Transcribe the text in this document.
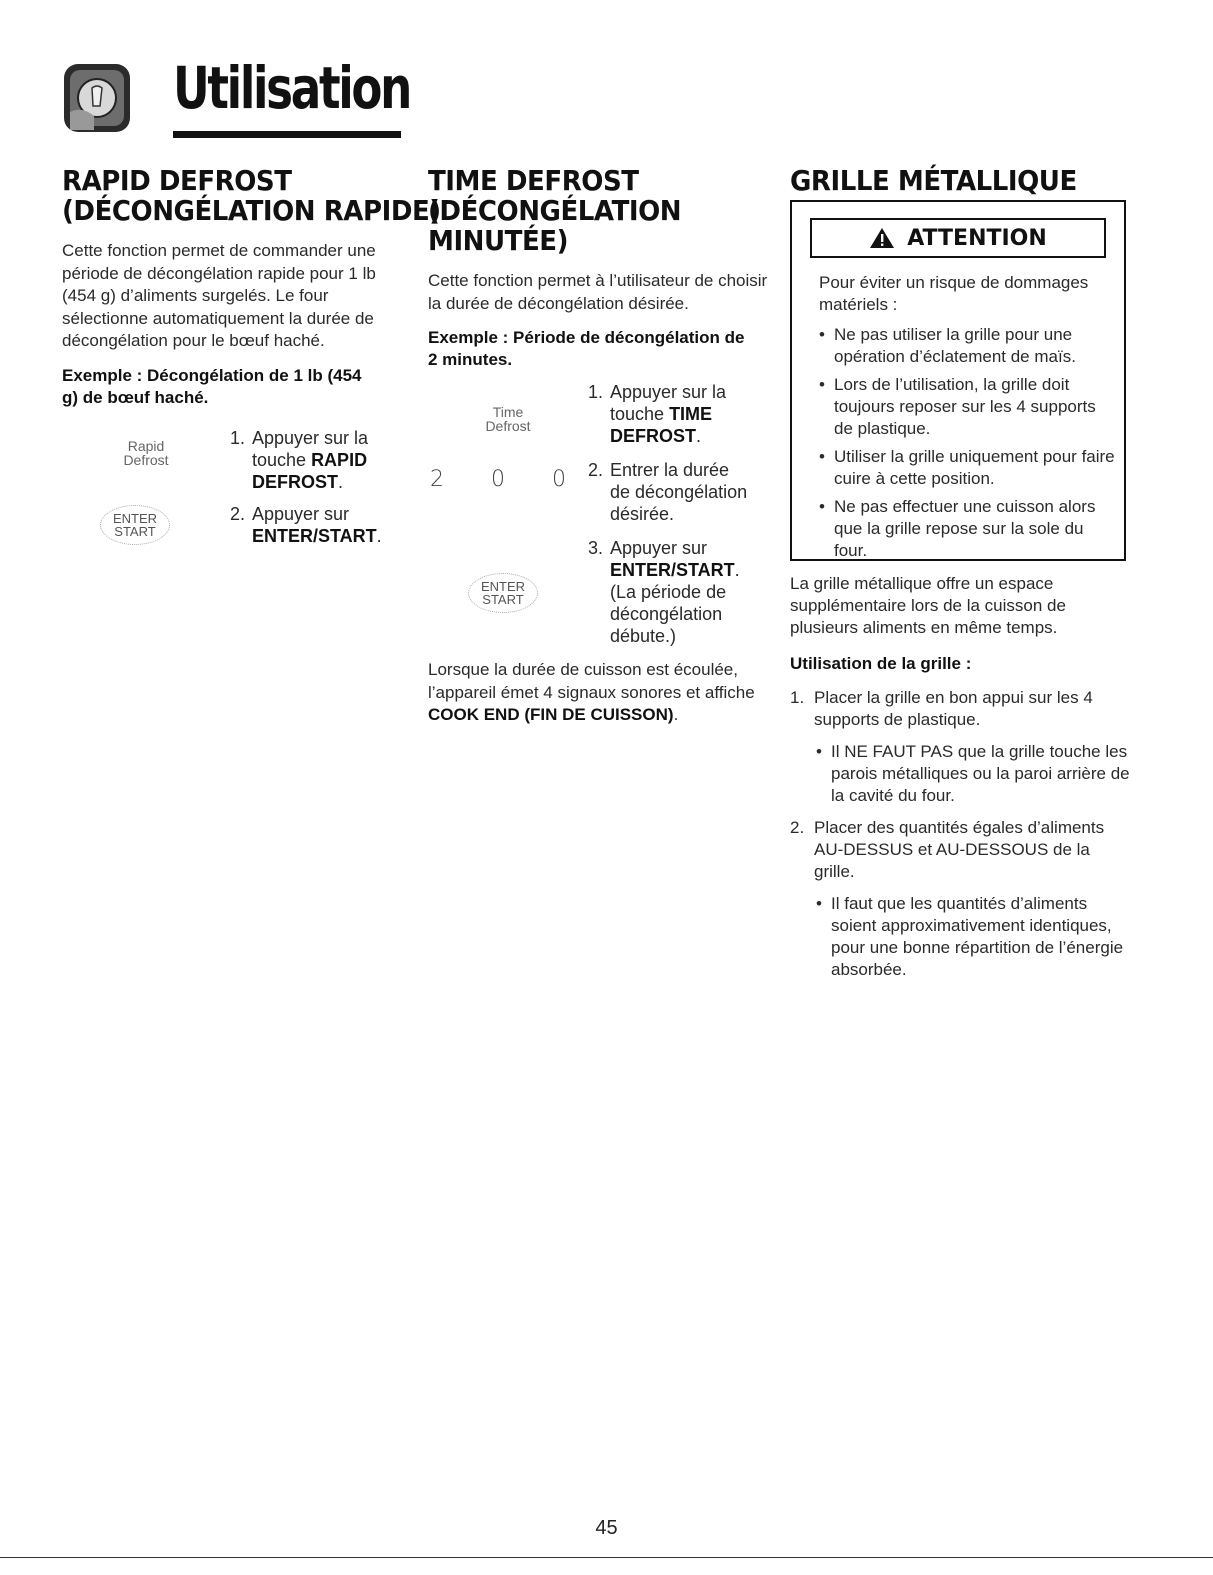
Utilisation
RAPID DEFROST
(DÉCONGÉLATION RAPIDE)

Cette fonction permet de commander une période de décongélation rapide pour 1 lb (454 g) d’aliments surgelés. Le four sélectionne automatiquement la durée de décongélation pour le bœuf haché.

Exemple : Décongélation de 1 lb (454 g) de bœuf haché.

Rapid
Defrost
1. Appuyer sur la
touche RAPID
DEFROST.
ENTER
START
2. Appuyer sur
ENTER/START.
TIME DEFROST
(DÉCONGÉLATION
MINUTÉE)

Cette fonction permet à l’utilisateur de choisir la durée de décongélation désirée.

Exemple : Période de décongélation de 2 minutes.

Time
Defrost
1. Appuyer sur la
touche TIME
DEFROST.
2 0 0 2. Entrer la durée
de décongélation
désirée.
ENTER
START
3. Appuyer sur
ENTER/START.
(La période de
décongélation
débute.)

Lorsque la durée de cuisson est écoulée, l’appareil émet 4 signaux sonores et affiche COOK END (FIN DE CUISSON).

GRILLE MÉTALLIQUE
ATTENTION

Pour éviter un risque de dommages matériels :

• Ne pas utiliser la grille pour une opération d’éclatement de maïs.
• Lors de l’utilisation, la grille doit toujours reposer sur les 4 supports de plastique.
• Utiliser la grille uniquement pour faire cuire à cette position.
• Ne pas effectuer une cuisson alors que la grille repose sur la sole du four.

La grille métallique offre un espace supplémentaire lors de la cuisson de plusieurs aliments en même temps.

Utilisation de la grille :

1. Placer la grille en bon appui sur les 4 supports de plastique.
• Il NE FAUT PAS que la grille touche les parois métalliques ou la paroi arrière de la cavité du four.
2. Placer des quantités égales d’aliments AU-DESSUS et AU-DESSOUS de la grille.
• Il faut que les quantités d’aliments soient approximativement identiques, pour une bonne répartition de l’énergie absorbée.
45
